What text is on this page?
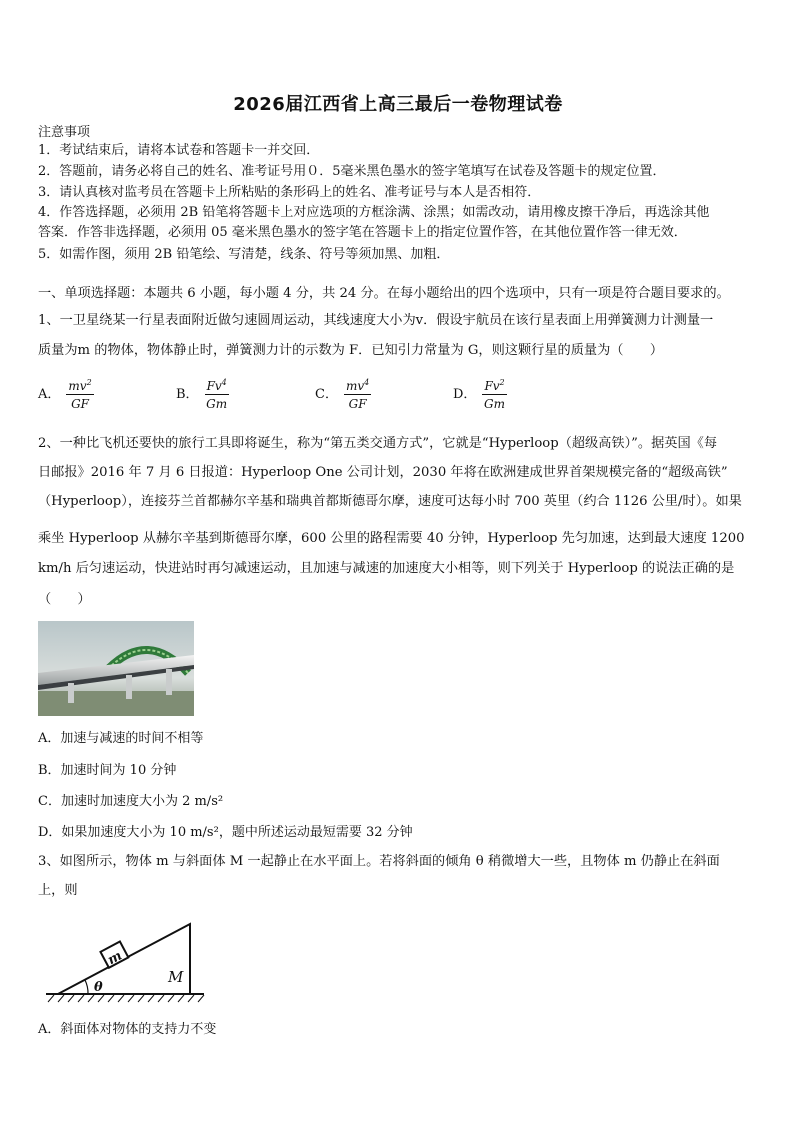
2026届江西省上高三最后一卷物理试卷
注意事项
1．考试结束后，请将本试卷和答题卡一并交回．
2．答题前，请务必将自己的姓名、准考证号用０．5毫米黑色墨水的签字笔填写在试卷及答题卡的规定位置．
3．请认真核对监考员在答题卡上所粘贴的条形码上的姓名、准考证号与本人是否相符．
4．作答选择题，必须用 2B 铅笔将答题卡上对应选项的方框涂满、涂黑；如需改动，请用橡皮擦干净后，再选涂其他
答案．作答非选择题，必须用 05 毫米黑色墨水的签字笔在答题卡上的指定位置作答，在其他位置作答一律无效．
5．如需作图，须用 2B 铅笔绘、写清楚，线条、符号等须加黑、加粗．
一、单项选择题：本题共 6 小题，每小题 4 分，共 24 分。在每小题给出的四个选项中，只有一项是符合题目要求的。
1、一卫星绕某一行星表面附近做匀速圆周运动，其线速度大小为v．假设宇航员在该行星表面上用弹簧测力计测量一
质量为m 的物体，物体静止时，弹簧测力计的示数为 F．已知引力常量为 G，则这颗行星的质量为（　　）
A． $\frac{mv^2}{GF}$	B． $\frac{Fv^4}{Gm}$	C． $\frac{mv^4}{GF}$	D． $\frac{Fv^2}{Gm}$
2、一种比飞机还要快的旅行工具即将诞生，称为“第五类交通方式”，它就是“Hyperloop（超级高铁）”。据英国《每
日邮报》2016 年 7 月 6 日报道：Hyperloop One 公司计划，2030 年将在欧洲建成世界首架规模完备的“超级高铁”
（Hyperloop），连接芬兰首都赫尔辛基和瑞典首都斯德哥尔摩，速度可达每小时 700 英里（约合 1126 公里/时）。如果
乘坐 Hyperloop 从赫尔辛基到斯德哥尔摩，600 公里的路程需要 40 分钟，Hyperloop 先匀加速，达到最大速度 1200
km/h 后匀速运动，快进站时再匀减速运动，且加速与减速的加速度大小相等，则下列关于 Hyperloop 的说法正确的是
（　　）
A．加速与减速的时间不相等
B．加速时间为 10 分钟
C．加速时加速度大小为 2 m/s²
D．如果加速度大小为 10 m/s²，题中所述运动最短需要 32 分钟
3、如图所示，物体 m 与斜面体 M 一起静止在水平面上。若将斜面的倾角 θ 稍微增大一些，且物体 m 仍静止在斜面
上，则
m
θ
M
A．斜面体对物体的支持力不变
